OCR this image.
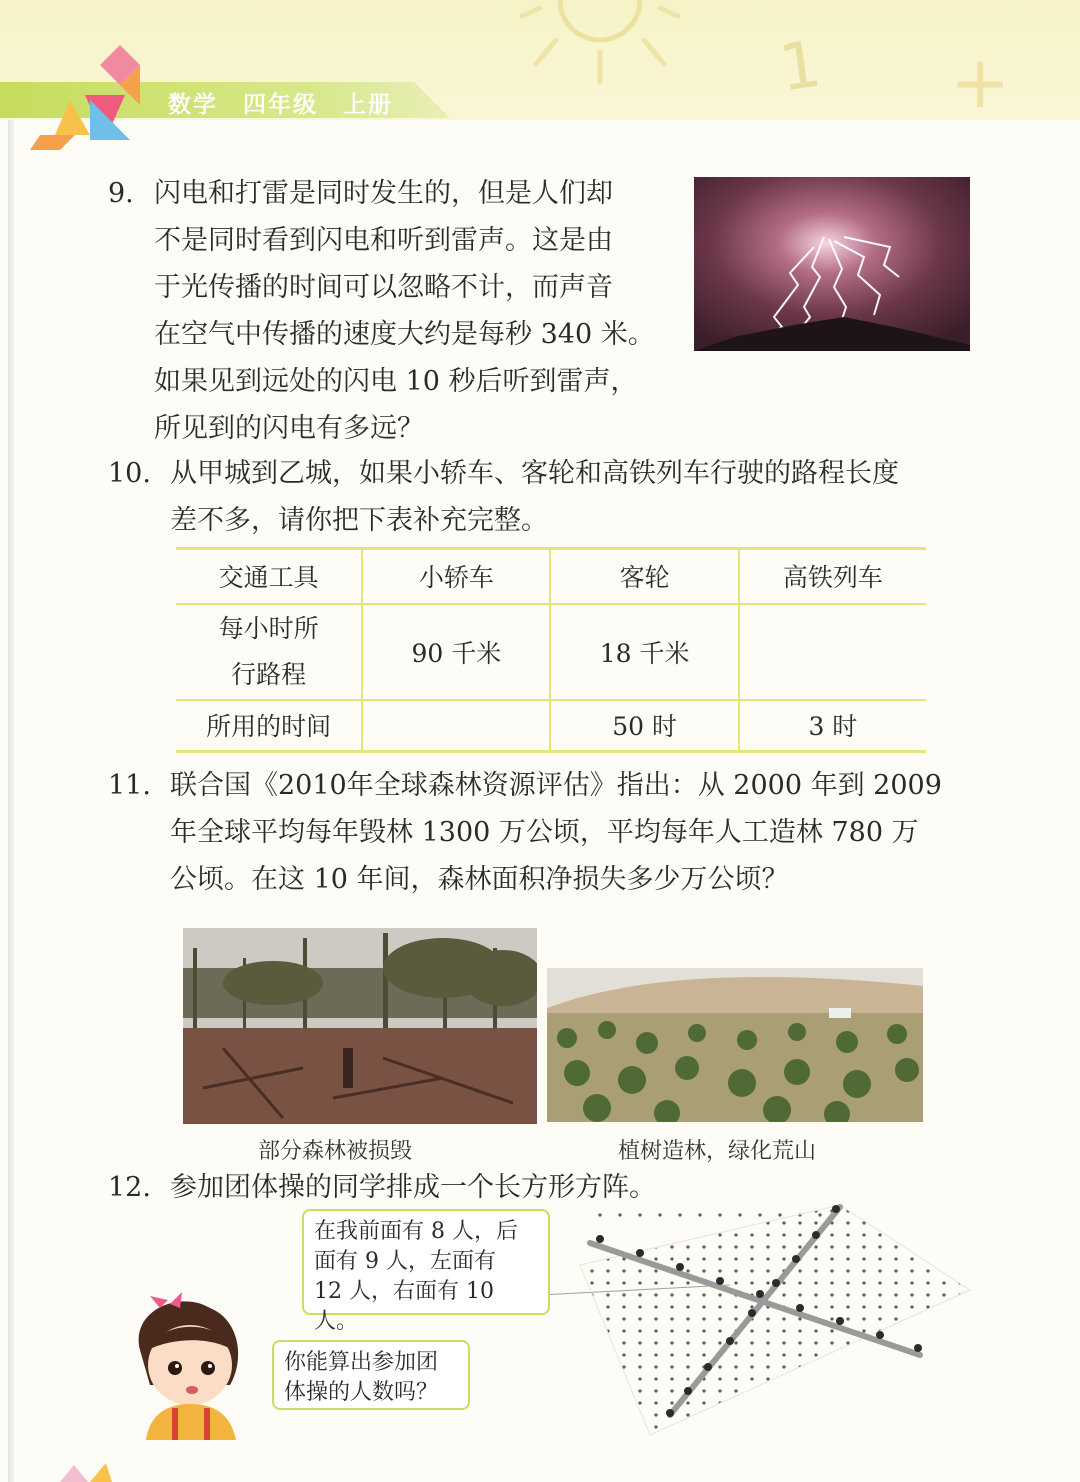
1 +
数学　四年级　上册
9. 闪电和打雷是同时发生的，但是人们却
不是同时看到闪电和听到雷声。这是由
于光传播的时间可以忽略不计，而声音
在空气中传播的速度大约是每秒 340 米。
如果见到远处的闪电 10 秒后听到雷声，
所见到的闪电有多远？
10. 从甲城到乙城，如果小轿车、客轮和高铁列车行驶的路程长度
差不多，请你把下表补充完整。
交通工具	小轿车	客轮	高铁列车

每小时所
行路程	90 千米	18 千米	
所用的时间		50 时	3 时
11. 联合国《2010年全球森林资源评估》指出：从 2000 年到 2009
年全球平均每年毁林 1300 万公顷，平均每年人工造林 780 万
公顷。在这 10 年间，森林面积净损失多少万公顷？
部分森林被损毁	植树造林，绿化荒山
12. 参加团体操的同学排成一个长方形方阵。
在我前面有 8 人，后
面有 9 人，左面有
12 人，右面有 10 人。
你能算出参加团
体操的人数吗？
